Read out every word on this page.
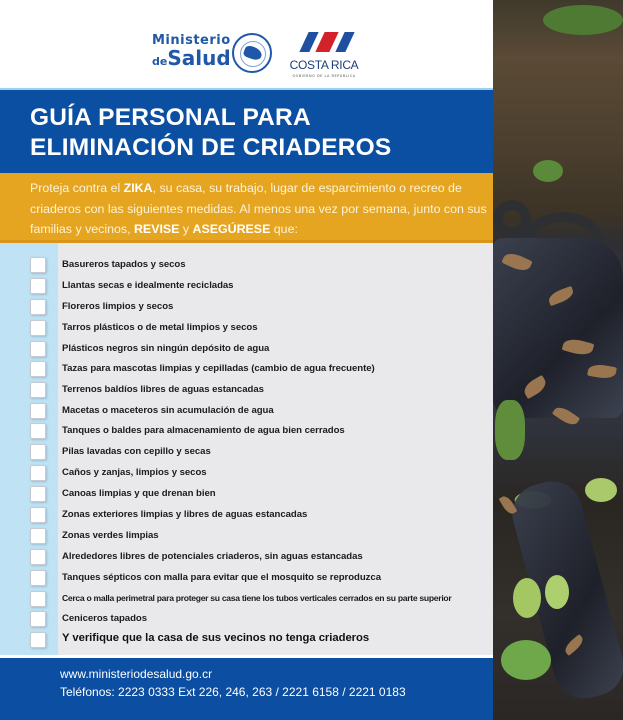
Ministerio
deSalud	COSTA RICA
GOBIERNO DE LA REPÚBLICA
GUÍA PERSONAL PARA
ELIMINACIÓN DE CRIADEROS
Proteja contra el ZIKA, su casa, su trabajo, lugar de esparcimiento o recreo de criaderos con las siguientes medidas. Al menos una vez por semana, junto con sus familias y vecinos, REVISE y ASEGÚRESE que:
Basureros tapados y secos
Llantas secas e idealmente recicladas
Floreros limpios y secos
Tarros plásticos o de metal limpios y secos
Plásticos negros sin ningún depósito de agua
Tazas para mascotas limpias y cepilladas (cambio de agua frecuente)
Terrenos baldíos libres de aguas estancadas
Macetas o maceteros sin acumulación de agua
Tanques o baldes para almacenamiento de agua bien cerrados
Pilas lavadas con cepillo y secas
Caños y zanjas, limpios y secos
Canoas limpias y que drenan bien
Zonas exteriores limpias y libres de aguas estancadas
Zonas verdes limpias
Alrededores libres de potenciales criaderos, sin aguas estancadas
Tanques sépticos con malla para evitar que el mosquito se reproduzca
Cerca o malla perimetral para proteger su casa tiene los tubos verticales cerrados en su parte superior
Ceniceros tapados
Y verifique que la casa de sus vecinos no tenga criaderos
www.ministeriodesalud.go.cr
Teléfonos: 2223 0333 Ext 226, 246, 263 / 2221 6158 / 2221 0183
